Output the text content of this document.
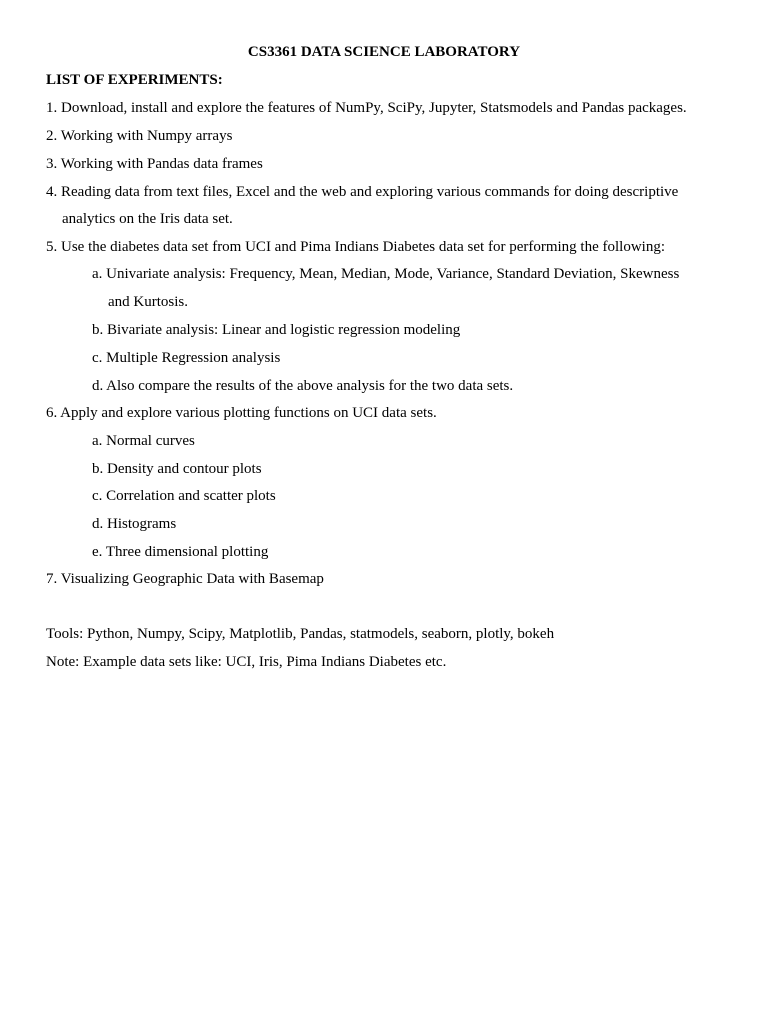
CS3361 DATA SCIENCE LABORATORY
LIST OF EXPERIMENTS:
1. Download, install and explore the features of NumPy, SciPy, Jupyter, Statsmodels and Pandas packages.
2. Working with Numpy arrays
3. Working with Pandas data frames
4. Reading data from text files, Excel and the web and exploring various commands for doing descriptive
analytics on the Iris data set.
5. Use the diabetes data set from UCI and Pima Indians Diabetes data set for performing the following:
a. Univariate analysis: Frequency, Mean, Median, Mode, Variance, Standard Deviation, Skewness
and Kurtosis.
b. Bivariate analysis: Linear and logistic regression modeling
c. Multiple Regression analysis
d. Also compare the results of the above analysis for the two data sets.
6. Apply and explore various plotting functions on UCI data sets.
a. Normal curves
b. Density and contour plots
c. Correlation and scatter plots
d. Histograms
e. Three dimensional plotting
7. Visualizing Geographic Data with Basemap
Tools: Python, Numpy, Scipy, Matplotlib, Pandas, statmodels, seaborn, plotly, bokeh
Note: Example data sets like: UCI, Iris, Pima Indians Diabetes etc.
